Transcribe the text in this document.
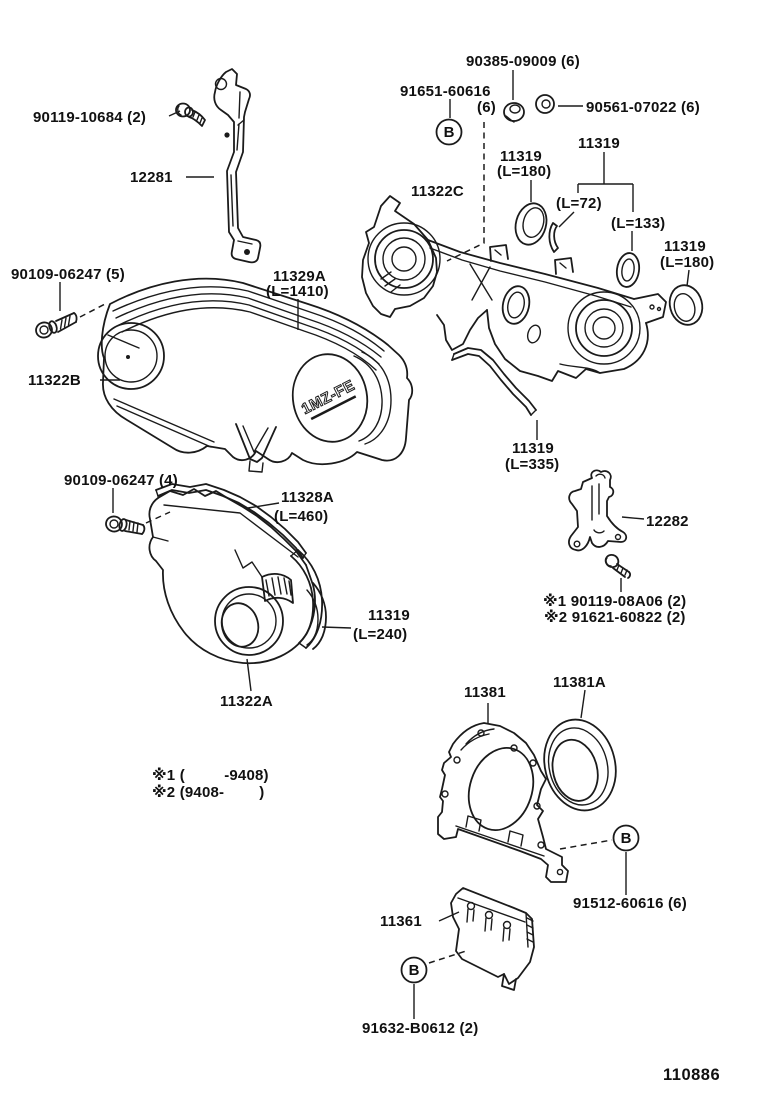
1MZ-FE
B
B
B
90119-10684 (2)
12281
90385-09009 (6)
91651-60616
(6)	90561-07022 (6)
11319
(L=180)
11319
(L=72)
(L=133)
11322C
11319
(L=180)
11329A
(L=1410)
90109-06247 (5)
11322B
11319
(L=335)
90109-06247 (4)
11328A
(L=460)	12282
※1 90119-08A06 (2)
※2 91621-60822 (2)
11319
(L=240)
11322A
※1 (         -9408)
※2 (9408-        )
11381
11381A
91512-60616 (6)
11361
91632-B0612 (2)
110886
